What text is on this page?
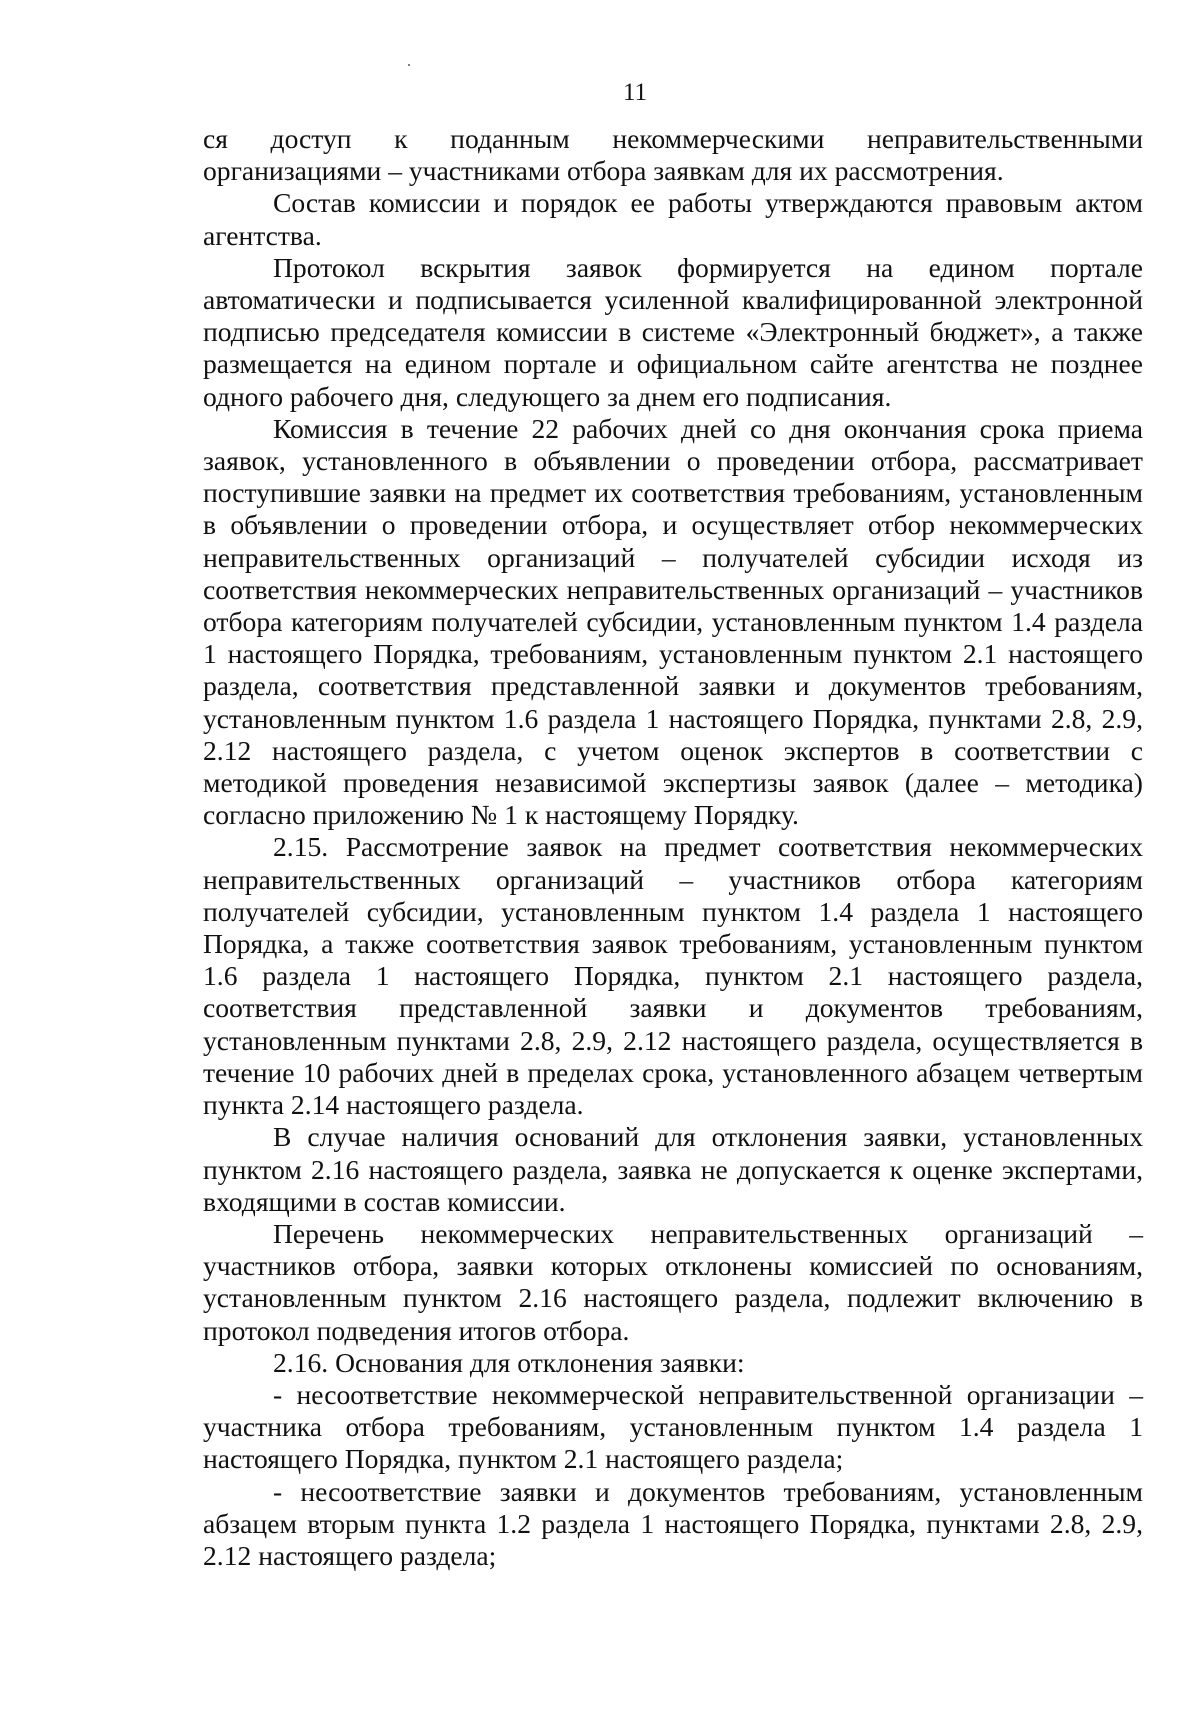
11

ся доступ к поданным некоммерческими неправительственными организациями – участниками отбора заявкам для их рассмотрения.

Состав комиссии и порядок ее работы утверждаются правовым актом агентства.

Протокол вскрытия заявок формируется на едином портале автоматически и подписывается усиленной квалифицированной электронной подписью председателя комиссии в системе «Электронный бюджет», а также размещается на едином портале и официальном сайте агентства не позднее одного рабочего дня, следующего за днем его подписания.

Комиссия в течение 22 рабочих дней со дня окончания срока приема заявок, установленного в объявлении о проведении отбора, рассматривает поступившие заявки на предмет их соответствия требованиям, установленным в объявлении о проведении отбора, и осуществляет отбор некоммерческих неправительственных организаций – получателей субсидии исходя из соответствия некоммерческих неправительственных организаций – участников отбора категориям получателей субсидии, установленным пунктом 1.4 раздела 1 настоящего Порядка, требованиям, установленным пунктом 2.1 настоящего раздела, соответствия представленной заявки и документов требованиям, установленным пунктом 1.6 раздела 1 настоящего Порядка, пунктами 2.8, 2.9, 2.12 настоящего раздела, с учетом оценок экспертов в соответствии с методикой проведения независимой экспертизы заявок (далее – методика) согласно приложению № 1 к настоящему Порядку.

2.15. Рассмотрение заявок на предмет соответствия некоммерческих неправительственных организаций – участников отбора категориям получателей субсидии, установленным пунктом 1.4 раздела 1 настоящего Порядка, а также соответствия заявок требованиям, установленным пунктом 1.6 раздела 1 настоящего Порядка, пунктом 2.1 настоящего раздела, соответствия представленной заявки и документов требованиям, установленным пунктами 2.8, 2.9, 2.12 настоящего раздела, осуществляется в течение 10 рабочих дней в пределах срока, установленного абзацем четвертым пункта 2.14 настоящего раздела.

В случае наличия оснований для отклонения заявки, установленных пунктом 2.16 настоящего раздела, заявка не допускается к оценке экспертами, входящими в состав комиссии.

Перечень некоммерческих неправительственных организаций – участников отбора, заявки которых отклонены комиссией по основаниям, установленным пунктом 2.16 настоящего раздела, подлежит включению в протокол подведения итогов отбора.

2.16. Основания для отклонения заявки:

- несоответствие некоммерческой неправительственной организации – участника отбора требованиям, установленным пунктом 1.4 раздела 1 настоящего Порядка, пунктом 2.1 настоящего раздела;

- несоответствие заявки и документов требованиям, установленным абзацем вторым пункта 1.2 раздела 1 настоящего Порядка, пунктами 2.8, 2.9, 2.12 настоящего раздела;
